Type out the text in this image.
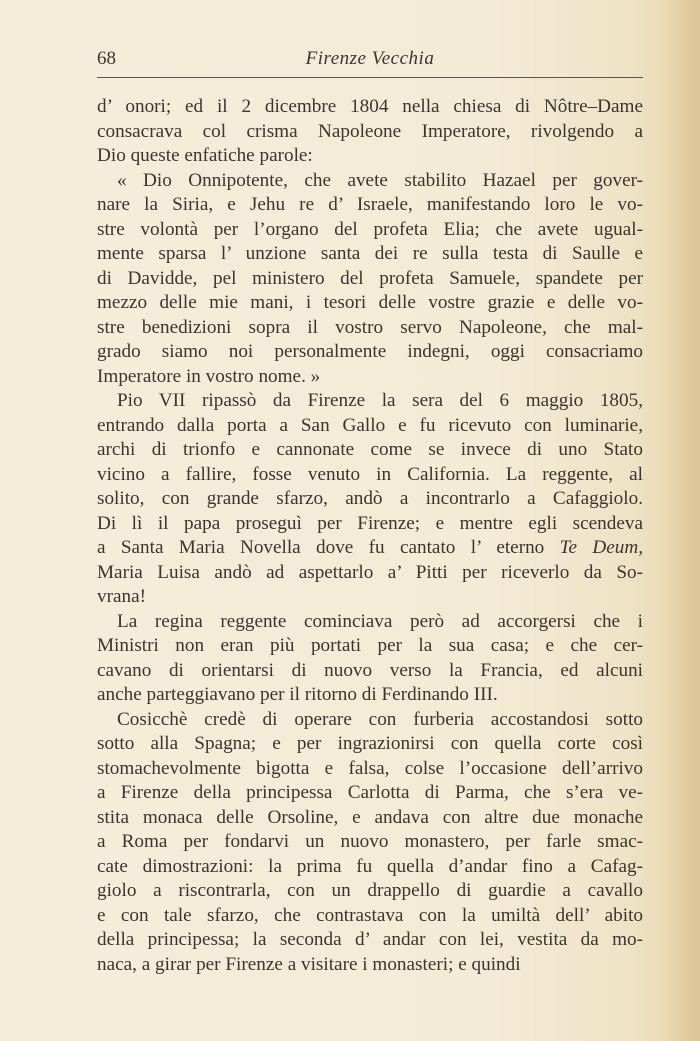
68	Firenze Vecchia

d’ onori; ed il 2 dicembre 1804 nella chiesa di Nôtre–Dame
consacrava col crisma Napoleone Imperatore, rivolgendo a
Dio queste enfatiche parole:

« Dio Onnipotente, che avete stabilito Hazael per gover-
nare la Siria, e Jehu re d’ Israele, manifestando loro le vo-
stre volontà per l’organo del profeta Elia; che avete ugual-
mente sparsa l’ unzione santa dei re sulla testa di Saulle e
di Davidde, pel ministero del profeta Samuele, spandete per
mezzo delle mie mani, i tesori delle vostre grazie e delle vo-
stre benedizioni sopra il vostro servo Napoleone, che mal-
grado siamo noi personalmente indegni, oggi consacriamo
Imperatore in vostro nome. »

Pio VII ripassò da Firenze la sera del 6 maggio 1805,
entrando dalla porta a San Gallo e fu ricevuto con luminarie,
archi di trionfo e cannonate come se invece di uno Stato
vicino a fallire, fosse venuto in California. La reggente, al
solito, con grande sfarzo, andò a incontrarlo a Cafaggiolo.
Di lì il papa proseguì per Firenze; e mentre egli scendeva
a Santa Maria Novella dove fu cantato l’ eterno Te Deum,
Maria Luisa andò ad aspettarlo a’ Pitti per riceverlo da So-
vrana!

La regina reggente cominciava però ad accorgersi che i
Ministri non eran più portati per la sua casa; e che cer-
cavano di orientarsi di nuovo verso la Francia, ed alcuni
anche parteggiavano per il ritorno di Ferdinando III.

Cosicchè credè di operare con furberia accostandosi sotto
sotto alla Spagna; e per ingrazionirsi con quella corte così
stomachevolmente bigotta e falsa, colse l’occasione dell’arrivo
a Firenze della principessa Carlotta di Parma, che s’era ve-
stita monaca delle Orsoline, e andava con altre due monache
a Roma per fondarvi un nuovo monastero, per farle smac-
cate dimostrazioni: la prima fu quella d’andar fino a Cafag-
giolo a riscontrarla, con un drappello di guardie a cavallo
e con tale sfarzo, che contrastava con la umiltà dell’ abito
della principessa; la seconda d’ andar con lei, vestita da mo-
naca, a girar per Firenze a visitare i monasteri; e quindi
